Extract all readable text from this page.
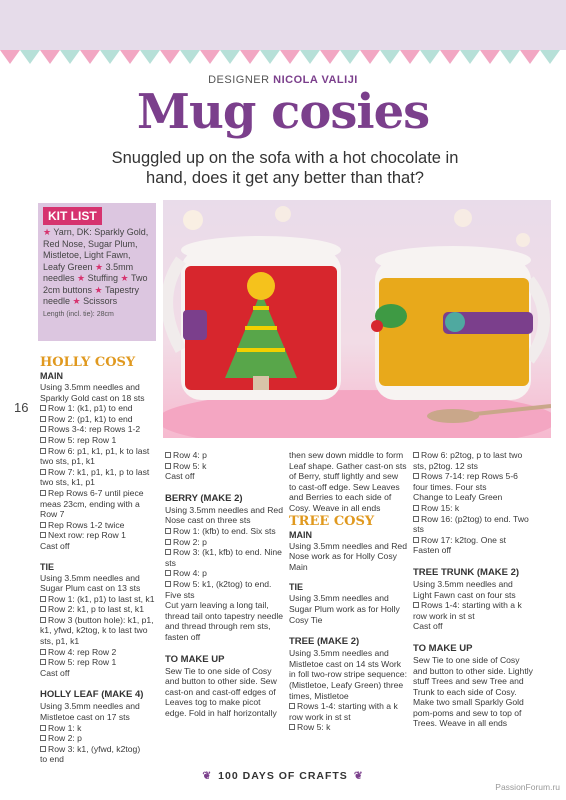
DESIGNER NICOLA VALIJI
Mug cosies
Snuggled up on the sofa with a hot chocolate in hand, does it get any better than that?
KIT LIST
★ Yarn, DK: Sparkly Gold, Red Nose, Sugar Plum, Mistletoe, Light Fawn, Leafy Green ★ 3.5mm needles ★ Stuffing ★ Two 2cm buttons ★ Tapestry needle ★ Scissors
Length (incl. tie): 28cm
16
HOLLY COSY
MAIN

Using 3.5mm needles and Sparkly Gold cast on 18 sts

Row 1: (k1, p1) to end

Row 2: (p1, k1) to end

Rows 3-4: rep Rows 1-2

Row 5: rep Row 1

Row 6: p1, k1, p1, k to last two sts, p1, k1

Row 7: k1, p1, k1, p to last two sts, k1, p1

Rep Rows 6-7 until piece meas 23cm, ending with a Row 7

Rep Rows 1-2 twice

Next row: rep Row 1

Cast off

TIE

Using 3.5mm needles and Sugar Plum cast on 13 sts

Row 1: (k1, p1) to last st, k1

Row 2: k1, p to last st, k1

Row 3 (button hole): k1, p1, k1, yfwd, k2tog, k to last two sts, p1, k1

Row 4: rep Row 2

Row 5: rep Row 1

Cast off

HOLLY LEAF (MAKE 4)

Using 3.5mm needles and Mistletoe cast on 17 sts

Row 1: k

Row 2: p

Row 3: k1, (yfwd, k2tog)

to end

Row 4: p

Row 5: k

Cast off

BERRY (MAKE 2)

Using 3.5mm needles and Red Nose cast on three sts

Row 1: (kfb) to end. Six sts

Row 2: p

Row 3: (k1, kfb) to end. Nine sts

Row 4: p

Row 5: k1, (k2tog) to end. Five sts

Cut yarn leaving a long tail, thread tail onto tapestry needle and thread through rem sts, fasten off

TO MAKE UP

Sew Tie to one side of Cosy and button to other side. Sew cast-on and cast-off edges of Leaves tog to make picot edge. Fold in half horizontally

then sew down middle to form Leaf shape. Gather cast-on sts of Berry, stuff lightly and sew to cast-off edge. Sew Leaves and Berries to each side of Cosy. Weave in all ends

TREE COSY
MAIN

Using 3.5mm needles and Red Nose work as for Holly Cosy Main

TIE

Using 3.5mm needles and Sugar Plum work as for Holly Cosy Tie

TREE (MAKE 2)

Using 3.5mm needles and Mistletoe cast on 14 sts Work in foll two-row stripe sequence: (Mistletoe, Leafy Green) three times, Mistletoe

Rows 1-4: starting with a k row work in st st

Row 5: k

Row 6: p2tog, p to last two sts, p2tog. 12 sts

Rows 7-14: rep Rows 5-6 four times. Four sts

Change to Leafy Green

Row 15: k

Row 16: (p2tog) to end. Two sts

Row 17: k2tog. One st

Fasten off

TREE TRUNK (MAKE 2)

Using 3.5mm needles and Light Fawn cast on four sts

Rows 1-4: starting with a k row work in st st

Cast off

TO MAKE UP

Sew Tie to one side of Cosy and button to other side. Lightly stuff Trees and sew Tree and Trunk to each side of Cosy. Make two small Sparkly Gold pom-poms and sew to top of Trees. Weave in all ends

❦ 100 DAYS OF CRAFTS ❦
PassionForum.ru
